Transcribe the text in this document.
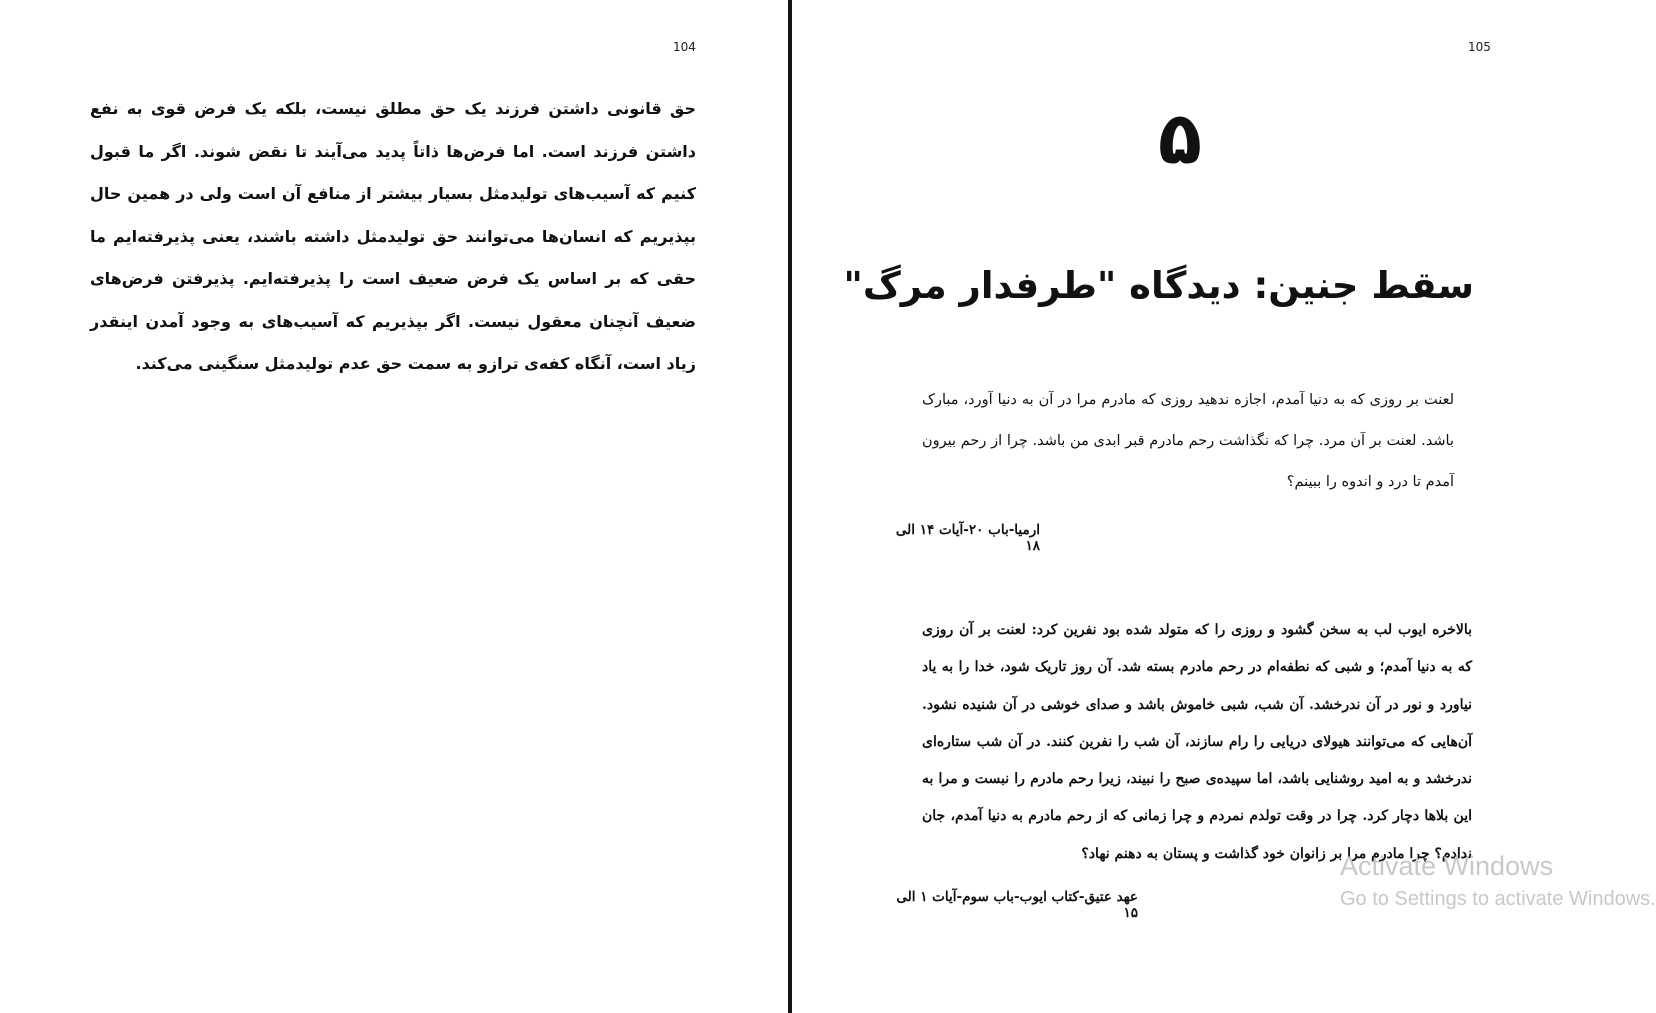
104
حق قانونی داشتن فرزند یک حق مطلق نیست، بلکه یک فرض قوی به نفع داشتن فرزند است. اما فرض‌ها ذاتاً پدید می‌آیند تا نقض شوند. اگر ما قبول کنیم که آسیب‌های تولیدمثل بسیار بیشتر از منافع آن است ولی در همین حال بپذیریم که انسان‌ها می‌توانند حق تولیدمثل داشته باشند، یعنی پذیرفته‌ایم ما حقی که بر اساس یک فرض ضعیف است را پذیرفته‌ایم. پذیرفتن فرض‌های ضعیف آنچنان معقول نیست. اگر بپذیریم که آسیب‌های به وجود آمدن اینقدر زیاد است، آنگاه کفه‌ی ترازو به سمت حق عدم تولیدمثل سنگینی می‌کند.
105
۵
سقط جنین: دیدگاه "طرفدار مرگ"
لعنت بر روزی که به دنیا آمدم، اجازه ندهید روزی که مادرم مرا در آن به دنیا آورد، مبارک باشد. لعنت بر آن مرد. چرا که نگذاشت رحم مادرم قبر ابدی من باشد. چرا از رحم بیرون آمدم تا درد و اندوه را ببینم؟
ارمیا-باب ۲۰-آیات ۱۴ الی ۱۸
بالاخره ایوب لب به سخن گشود و روزی را که متولد شده بود نفرین کرد: لعنت بر آن روزی که به دنیا آمدم؛ و شبی که نطفه‌ام در رحم مادرم بسته شد. آن روز تاریک شود، خدا را به یاد نیاورد و نور در آن ندرخشد. آن شب، شبی خاموش باشد و صدای خوشی در آن شنیده نشود. آن‌هایی که می‌توانند هیولای دریایی را رام سازند، آن شب را نفرین کنند. در آن شب ستاره‌ای ندرخشد و به امید روشنایی باشد، اما سپیده‌ی صبح را نبیند، زیرا رحم مادرم را نبست و مرا به این بلاها دچار کرد. چرا در وقت تولدم نمردم و چرا زمانی که از رحم مادرم به دنیا آمدم، جان ندادم؟ چرا مادرم مرا بر زانوان خود گذاشت و پستان به دهنم نهاد؟
عهد عتیق-کتاب ایوب-باب سوم-آیات ۱ الی ۱۵
Activate Windows
Go to Settings to activate Windows.
